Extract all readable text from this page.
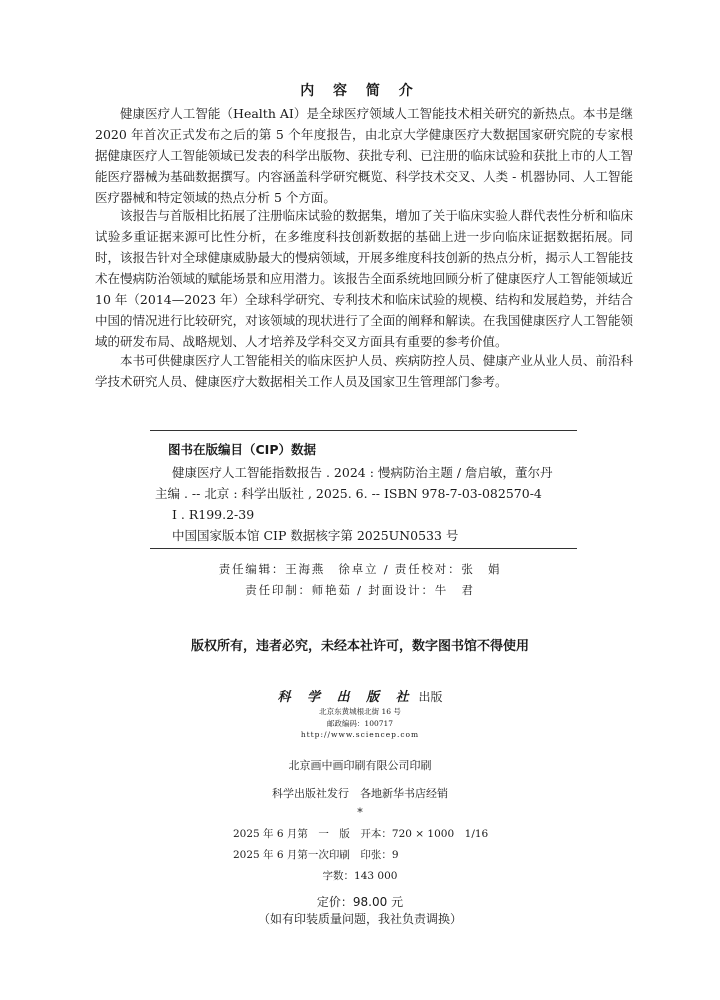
内 容 简 介

健康医疗人工智能（Health AI）是全球医疗领域人工智能技术相关研究的新热点。本书是继 2020 年首次正式发布之后的第 5 个年度报告，由北京大学健康医疗大数据国家研究院的专家根据健康医疗人工智能领域已发表的科学出版物、获批专利、已注册的临床试验和获批上市的人工智能医疗器械为基础数据撰写。内容涵盖科学研究概览、科学技术交叉、人类 - 机器协同、人工智能医疗器械和特定领域的热点分析 5 个方面。

该报告与首版相比拓展了注册临床试验的数据集，增加了关于临床实验人群代表性分析和临床试验多重证据来源可比性分析，在多维度科技创新数据的基础上进一步向临床证据数据拓展。同时，该报告针对全球健康威胁最大的慢病领域，开展多维度科技创新的热点分析，揭示人工智能技术在慢病防治领域的赋能场景和应用潜力。该报告全面系统地回顾分析了健康医疗人工智能领域近 10 年（2014—2023 年）全球科学研究、专利技术和临床试验的规模、结构和发展趋势，并结合中国的情况进行比较研究，对该领域的现状进行了全面的阐释和解读。在我国健康医疗人工智能领域的研发布局、战略规划、人才培养及学科交叉方面具有重要的参考价值。

本书可供健康医疗人工智能相关的临床医护人员、疾病防控人员、健康产业从业人员、前沿科学技术研究人员、健康医疗大数据相关工作人员及国家卫生管理部门参考。

图书在版编目（CIP）数据
健康医疗人工智能指数报告 . 2024 : 慢病防治主题 / 詹启敏，董尔丹
主编 . -- 北京 : 科学出版社 , 2025. 6. -- ISBN 978-7-03-082570-4
Ⅰ . R199.2-39
中国国家版本馆 CIP 数据核字第 2025UN0533 号
责任编辑：王海燕　徐卓立 / 责任校对：张　娟
责任印制：师艳茹 / 封面设计：牛　君
版权所有，违者必究，未经本社许可，数字图书馆不得使用
科 学 出 版 社 出版
北京东黄城根北街 16 号
邮政编码：100717
http://www.sciencep.com
北京画中画印刷有限公司印刷
科学出版社发行　各地新华书店经销
*
2025 年 6 月第　一　版　开本：720 × 1000　1/16
2025 年 6 月第一次印刷　印张：9
字数：143 000
定价：98.00 元
（如有印装质量问题，我社负责调换）
